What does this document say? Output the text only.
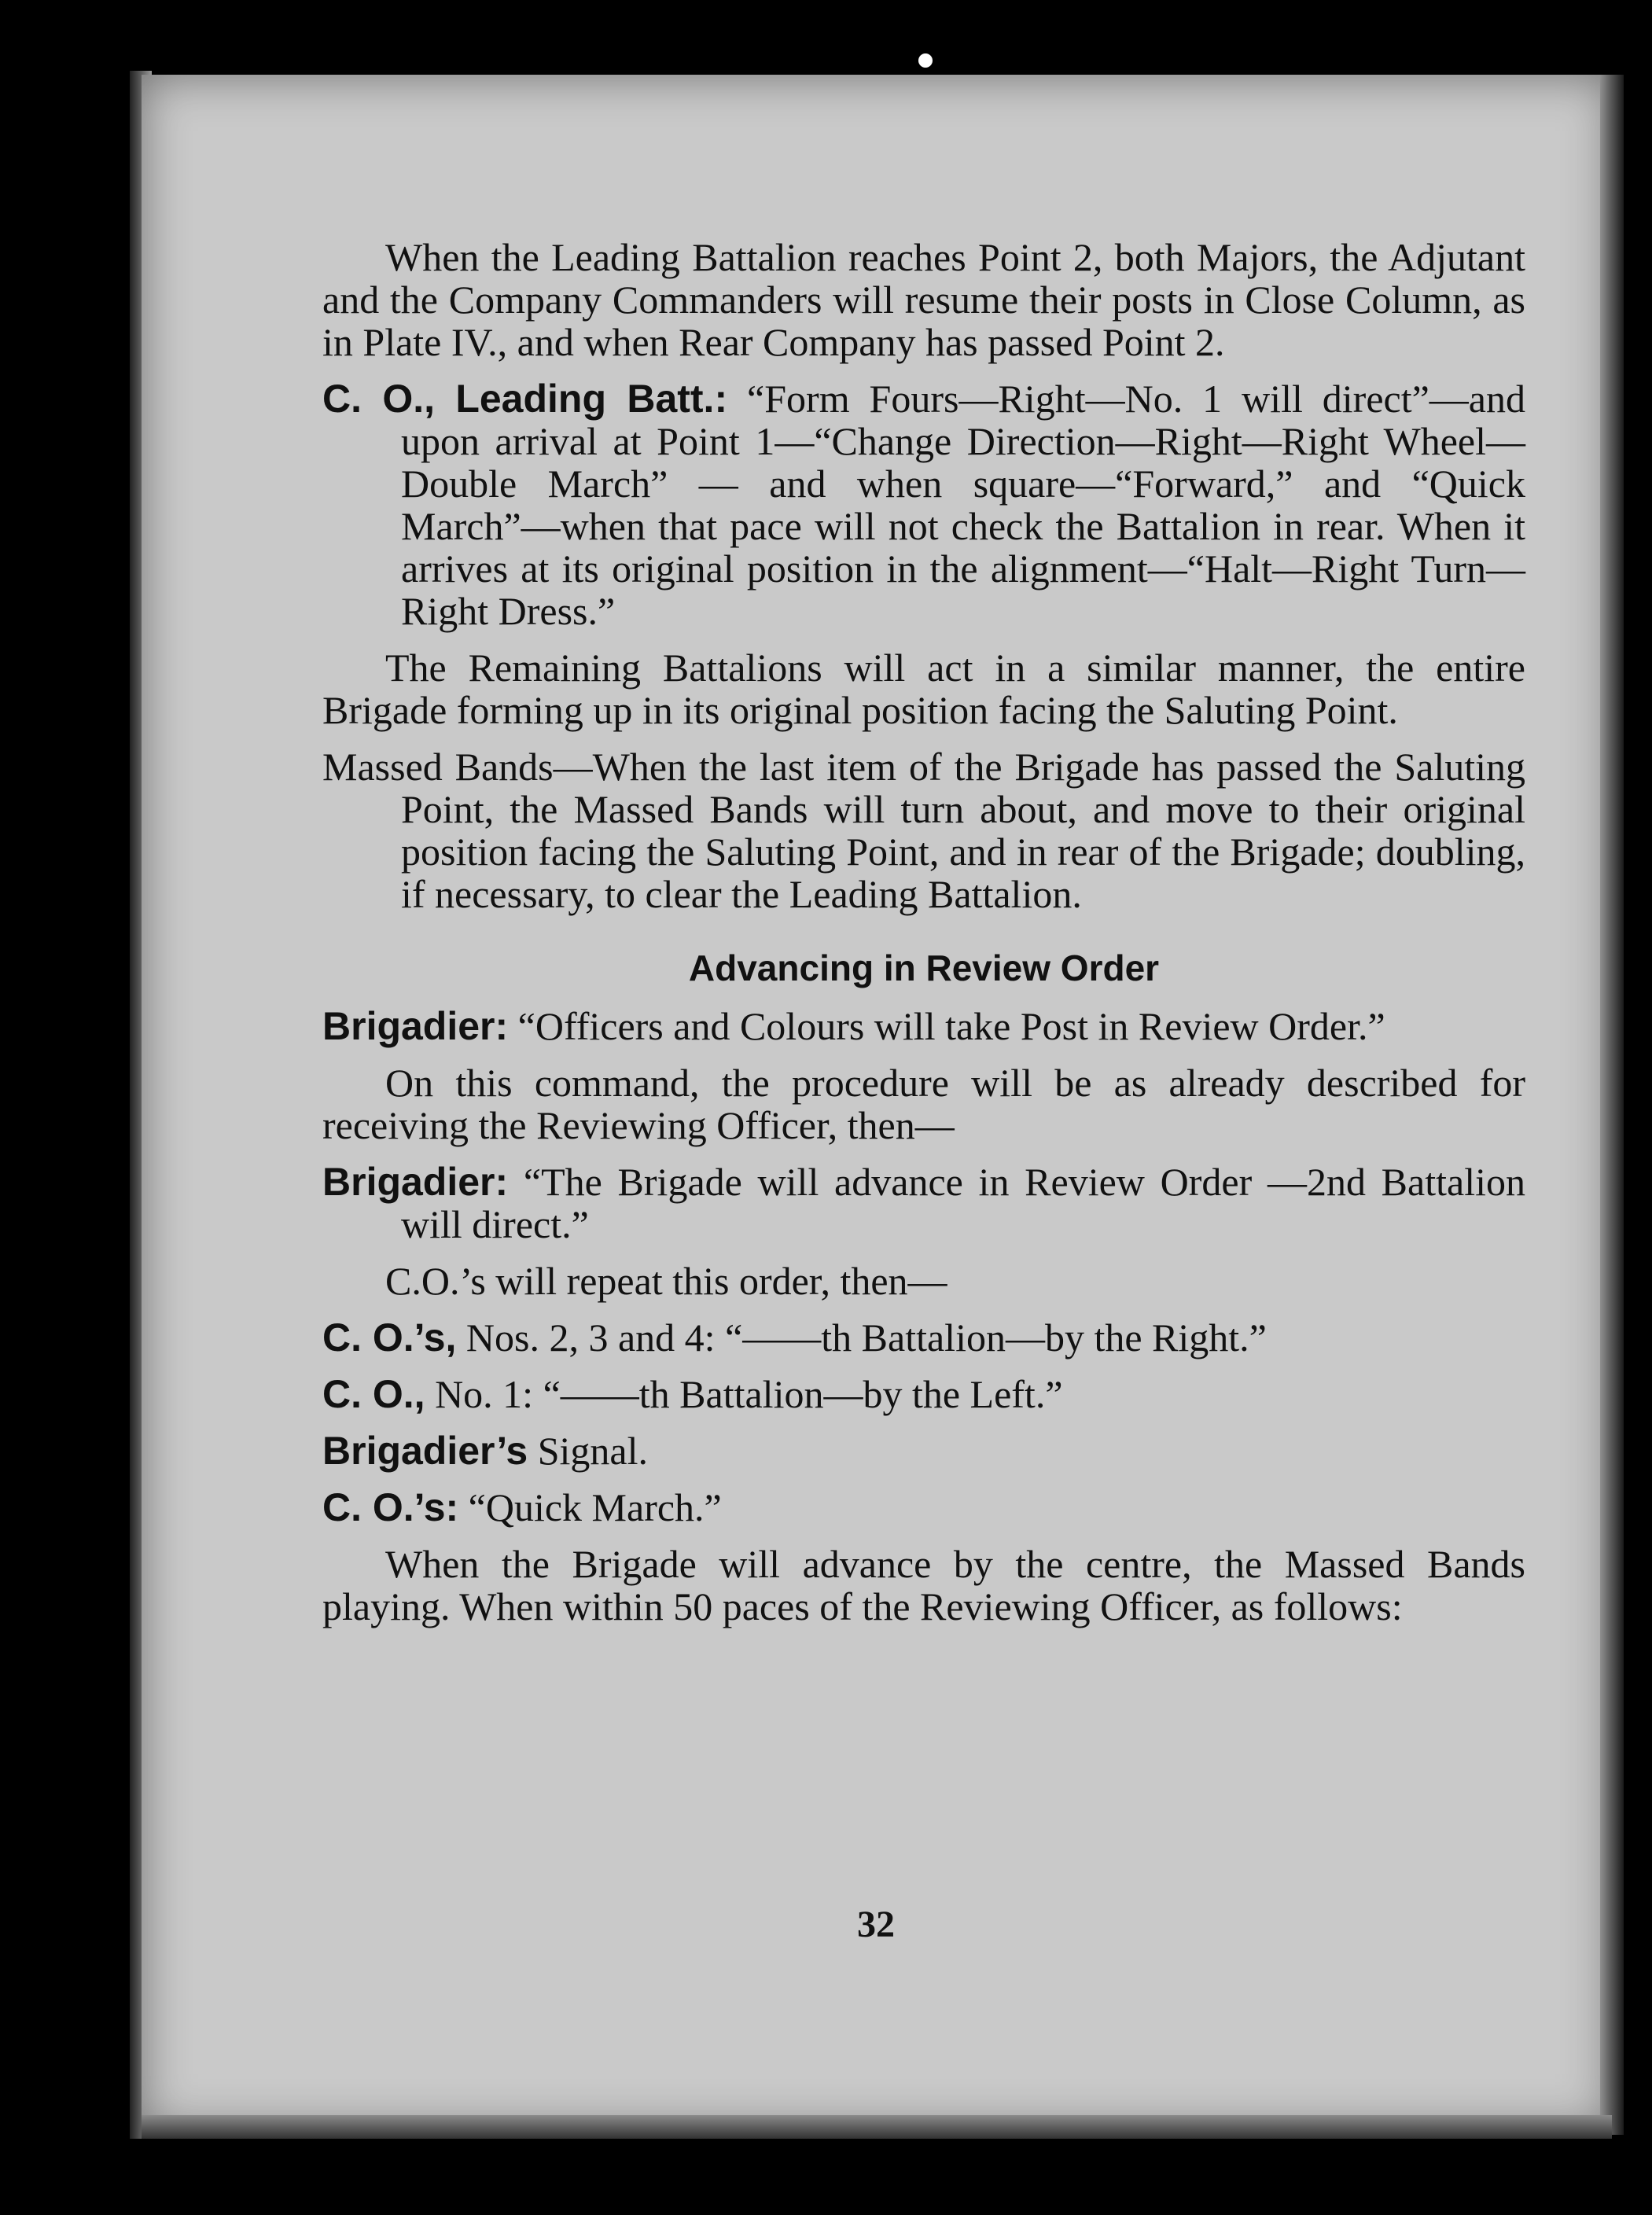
When the Leading Battalion reaches Point 2, both Majors, the Adjutant and the Company Commanders will resume their posts in Close Column, as in Plate IV., and when Rear Company has passed Point 2.

C. O., Leading Batt.: “Form Fours—Right—No. 1 will direct”—and upon arrival at Point 1—“Change Direction—Right—Right Wheel—Double March” — and when square—“Forward,” and “Quick March”—when that pace will not check the Battalion in rear. When it arrives at its original position in the alignment—“Halt—Right Turn—Right Dress.”

The Remaining Battalions will act in a similar manner, the entire Brigade forming up in its original position facing the Saluting Point.

Massed Bands—When the last item of the Brigade has passed the Saluting Point, the Massed Bands will turn about, and move to their original position facing the Saluting Point, and in rear of the Brigade; doubling, if necessary, to clear the Leading Battalion.

Advancing in Review Order

Brigadier: “Officers and Colours will take Post in Review Order.”

On this command, the procedure will be as already described for receiving the Reviewing Officer, then—

Brigadier: “The Brigade will advance in Review Order —2nd Battalion will direct.”

C.O.’s will repeat this order, then—

C. O.’s, Nos. 2, 3 and 4: “——th Battalion—by the Right.”

C. O., No. 1: “——th Battalion—by the Left.”

Brigadier’s Signal.

C. O.’s: “Quick March.”

When the Brigade will advance by the centre, the Massed Bands playing. When within 50 paces of the Reviewing Officer, as follows:

32
